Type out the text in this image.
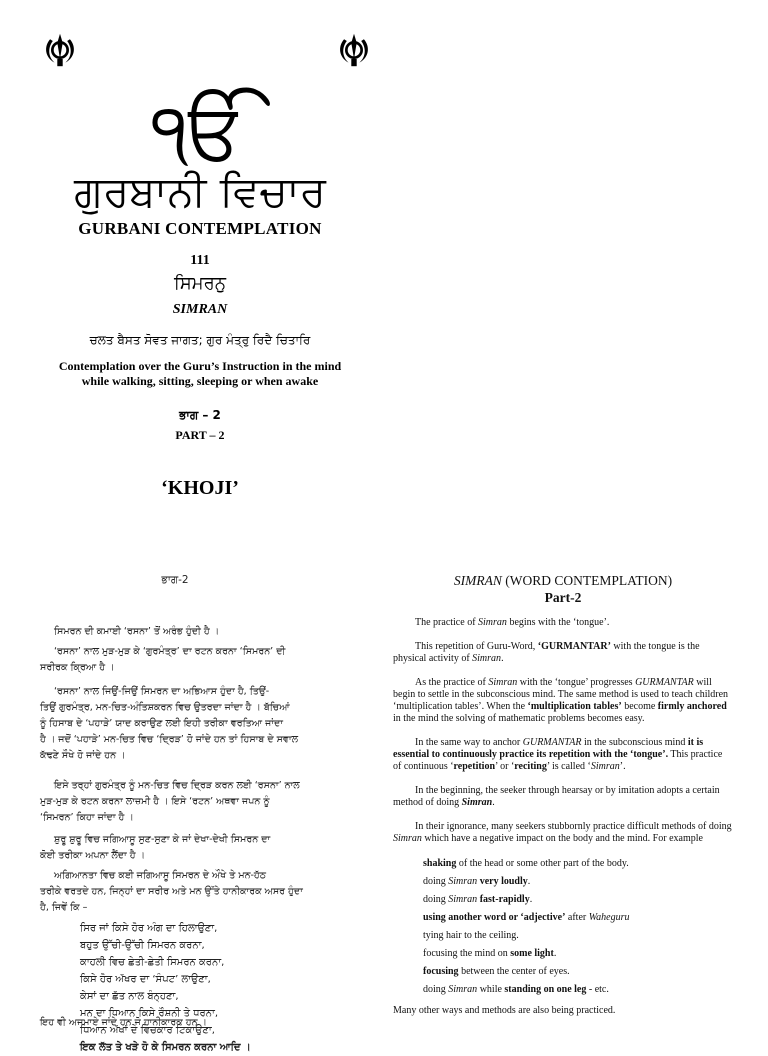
ੴ
ਗੁਰਬਾਨੀ ਵਿਚਾਰ
GURBANI CONTEMPLATION
111
ਸਿਮਰਨੁ
SIMRAN
ਚਲਤ ਬੈਸਤ ਸੋਵਤ ਜਾਗਤ; ਗੁਰ ਮੰਤ੍ਰੁ ਰਿਦੈ ਚਿਤਾਰਿ
Contemplation over the Guru’s Instruction in the mind
while walking, sitting, sleeping or when awake
ਭਾਗ – 2
PART – 2
‘KHOJI’
ਭਾਗ-2

ਸਿਮਰਨ ਦੀ ਕਮਾਈ ‘ਰਸਨਾ’ ਤੋਂ ਅਰੰਭ ਹੁੰਦੀ ਹੈ ।

‘ਰਸਨਾ’ ਨਾਲ ਮੁੜ-ਮੁੜ ਕੇ ‘ਗੁਰਮੰਤ੍ਰ’ ਦਾ ਰਟਨ ਕਰਨਾ ‘ਸਿਮਰਨ’ ਦੀ
ਸਰੀਰਕ ਕ੍ਰਿਆ ਹੈ ।

‘ਰਸਨਾ’ ਨਾਲ ਜਿਉਂ-ਜਿਉਂ ਸਿਮਰਨ ਦਾ ਅਭਿਆਸ ਹੁੰਦਾ ਹੈ, ਤਿਉਂ-
ਤਿਉਂ ਗੁਰਮੰਤ੍ਰ, ਮਨ-ਚਿਤ-ਅੰਤਿਸ਼ਕਰਨ ਵਿਚ ਉਤਰਦਾ ਜਾਂਦਾ ਹੈ । ਬੱਚਿਆਂ
ਨੂੰ ਹਿਸਾਬ ਦੇ ‘ਪਹਾੜੇ’ ਯਾਦ ਕਰਾਉਣ ਲਈ ਇਹੀ ਤਰੀਕਾ ਵਰਤਿਆ ਜਾਂਦਾ
ਹੈ । ਜਦੋਂ ‘ਪਹਾੜੇ’ ਮਨ-ਚਿਤ ਵਿਚ ‘ਦ੍ਰਿੜ’ ਹੋ ਜਾਂਦੇ ਹਨ ਤਾਂ ਹਿਸਾਬ ਦੇ ਸਵਾਲ
ਕੱਢਣੇ ਸੌਖੇ ਹੋ ਜਾਂਦੇ ਹਨ ।

ਇਸੇ ਤਰ੍ਹਾਂ ਗੁਰਮੰਤ੍ਰ ਨੂੰ ਮਨ-ਚਿਤ ਵਿਚ ਦ੍ਰਿੜ ਕਰਨ ਲਈ ‘ਰਸਨਾ’ ਨਾਲ
ਮੁੜ-ਮੁੜ ਕੇ ਰਟਨ ਕਰਨਾ ਲਾਜ਼ਮੀ ਹੈ । ਇਸੇ ‘ਰਟਨ’ ਅਥਵਾ ਜਪਨ ਨੂੰ
‘ਸਿਮਰਨ’ ਕਿਹਾ ਜਾਂਦਾ ਹੈ ।

ਸ਼ੁਰੂ ਸ਼ੁਰੂ ਵਿਚ ਜਗਿਆਸੂ ਸੁਣ-ਸੁਣਾ ਕੇ ਜਾਂ ਦੇਖਾ-ਦੇਖੀ ਸਿਮਰਨ ਦਾ
ਕੋਈ ਤਰੀਕਾ ਅਪਨਾ ਲੈਂਦਾ ਹੈ ।

ਅਗਿਆਨਤਾ ਵਿਚ ਕਈ ਜਗਿਆਸੂ ਸਿਮਰਨ ਦੇ ਔਖੇ ਤੇ ਮਨ-ਹੱਠ
ਤਰੀਕੇ ਵਰਤਦੇ ਹਨ, ਜਿਨ੍ਹਾਂ ਦਾ ਸਰੀਰ ਅਤੇ ਮਨ ਉੱਤੇ ਹਾਨੀਕਾਰਕ ਅਸਰ ਹੁੰਦਾ
ਹੈ, ਜਿਵੇਂ ਕਿ –

ਸਿਰ ਜਾਂ ਕਿਸੇ ਹੋਰ ਅੰਗ ਦਾ ਹਿਲਾਉਣਾ,
ਬਹੁਤ ਉੱਚੀ-ਉੱਚੀ ਸਿਮਰਨ ਕਰਨਾ,
ਕਾਹਲੀ ਵਿਚ ਛੇਤੀ-ਛੇਤੀ ਸਿਮਰਨ ਕਰਨਾ,
ਕਿਸੇ ਹੋਰ ਅੱਖਰ ਦਾ ‘ਸੰਪਟ’ ਲਾਉਣਾ,
ਕੇਸਾਂ ਦਾ ਛੱਤ ਨਾਲ ਬੰਨ੍ਹਣਾ,
ਮਨ ਦਾ ਧਿਆਨ ਕਿਸੇ ਰੌਸ਼ਨੀ ਤੇ ਧਰਨਾ,
ਧਿਆਨ ਅੱਖਾਂ ਦੇ ਵਿਚਕਾਰ ਟਿਕਾਉਣਾ,
ਇਕ ਲੱਤ ਤੇ ਖੜੇ ਹੋ ਕੇ ਸਿਮਰਨ ਕਰਨਾ ਆਦਿ ।

ਇਹ ਵੀ ਅਜਮਾਏ ਜਾਂਦੇ ਹਨ ਜੋ ਹਾਨੀਕਾਰਕ ਹਨ ।

SIMRAN (WORD CONTEMPLATION)

Part-2

The practice of Simran begins with the ‘tongue’.

This repetition of Guru-Word, ‘GURMANTAR’ with the tongue is the physical activity of Simran.

As the practice of Simran with the ‘tongue’ progresses GURMANTAR will begin to settle in the subconscious mind. The same method is used to teach children ‘multiplication tables’. When the ‘multiplication tables’ become firmly anchored in the mind the solving of mathematic problems becomes easy.

In the same way to anchor GURMANTAR in the subconscious mind it is essential to continuously practice its repetition with the ‘tongue’. This practice of continuous ‘repetition’ or ‘reciting’ is called ‘Simran’.

In the beginning, the seeker through hearsay or by imitation adopts a certain method of doing Simran.

In their ignorance, many seekers stubbornly practice difficult methods of doing Simran which have a negative impact on the body and the mind. For example

shaking of the head or some other part of the body.
doing Simran very loudly.
doing Simran fast-rapidly.
using another word or ‘adjective’ after Waheguru
tying hair to the ceiling.
focusing the mind on some light.
focusing between the center of eyes.
doing Simran while standing on one leg - etc.

Many other ways and methods are also being practiced.
